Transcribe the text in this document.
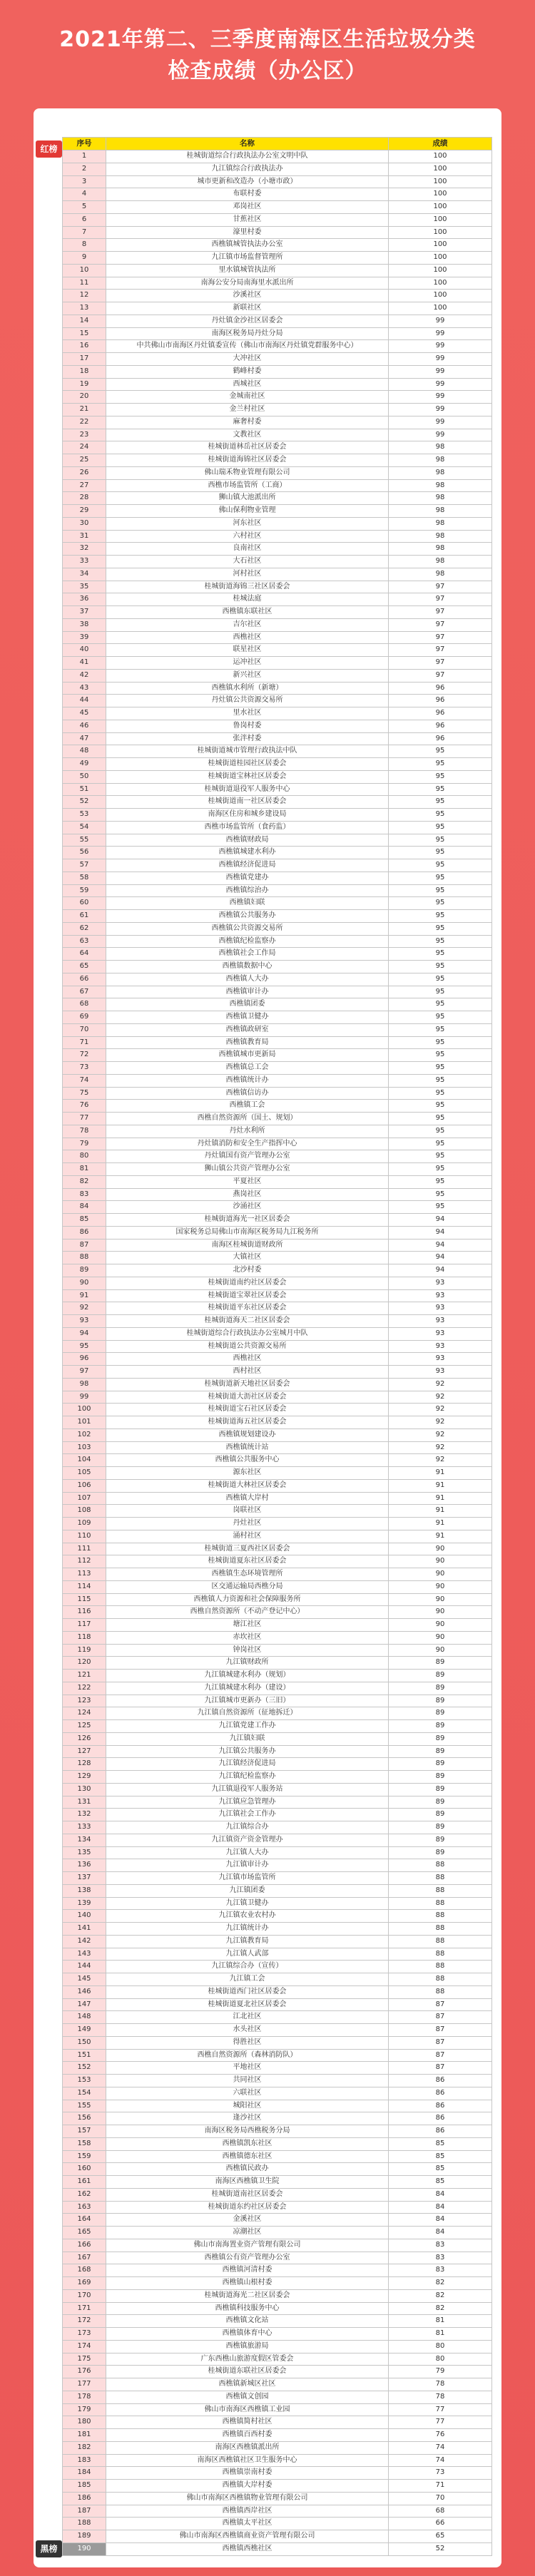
2021年第二、三季度南海区生活垃圾分类
检查成绩（办公区）
红榜
黑榜
序号	名称	成绩
1	桂城街道综合行政执法办公室文明中队	100
2	九江镇综合行政执法办	100
3	城市更新和改造办（小塘市政）	100
4	布联村委	100
5	邓岗社区	100
6	甘蕉社区	100
7	濠里村委	100
8	西樵镇城管执法办公室	100
9	九江镇市场监督管理所	100
10	里水镇城管执法所	100
11	南海公安分局南海里水派出所	100
12	沙溪社区	100
13	新联社区	100
14	丹灶镇金沙社区居委会	99
15	南海区税务局丹灶分局	99
16	中共佛山市南海区丹灶镇委宣传（佛山市南海区丹灶镇党群服务中心）	99
17	大冲社区	99
18	鹤峰村委	99
19	西城社区	99
20	金城南社区	99
21	金兰村社区	99
22	麻奢村委	99
23	文教社区	99
24	桂城街道林岳社区居委会	98
25	桂城街道海锦社区居委会	98
26	佛山瑞禾物业管理有限公司	98
27	西樵市场监管所（工商）	98
28	狮山镇大池派出所	98
29	佛山保利物业管理	98
30	河东社区	98
31	六村社区	98
32	良南社区	98
33	大石社区	98
34	河村社区	98
35	桂城街道海锦三社区居委会	97
36	桂城法庭	97
37	西樵镇东联社区	97
38	吉尔社区	97
39	西樵社区	97
40	联星社区	97
41	运冲社区	97
42	新兴社区	97
43	西樵镇水利所（新塘）	96
44	丹灶镇公共资源交易所	96
45	里水社区	96
46	鲁岗村委	96
47	张泮村委	96
48	桂城街道城市管理行政执法中队	95
49	桂城街道桂园社区居委会	95
50	桂城街道宝林社区居委会	95
51	桂城街道退役军人服务中心	95
52	桂城街道南一社区居委会	95
53	南海区住房和城乡建设局	95
54	西樵市场监管所（食药监）	95
55	西樵镇财政局	95
56	西樵镇城建水利办	95
57	西樵镇经济促进局	95
58	西樵镇党建办	95
59	西樵镇综治办	95
60	西樵镇妇联	95
61	西樵镇公共服务办	95
62	西樵镇公共资源交易所	95
63	西樵镇纪检监察办	95
64	西樵镇社会工作局	95
65	西樵镇数据中心	95
66	西樵镇人大办	95
67	西樵镇审计办	95
68	西樵镇团委	95
69	西樵镇卫健办	95
70	西樵镇政研室	95
71	西樵镇教育局	95
72	西樵镇城市更新局	95
73	西樵镇总工会	95
74	西樵镇统计办	95
75	西樵镇信访办	95
76	西樵镇工会	95
77	西樵自然资源所（国土、规划）	95
78	丹灶水利所	95
79	丹灶镇消防和安全生产指挥中心	95
80	丹灶镇国有资产管理办公室	95
81	狮山镇公共资产管理办公室	95
82	平夏社区	95
83	燕岗社区	95
84	沙涌社区	95
85	桂城街道海光一社区居委会	94
86	国家税务总局佛山市南海区税务局九江税务所	94
87	南海区桂城街道财政所	94
88	大镇社区	94
89	北沙村委	94
90	桂城街道南约社区居委会	93
91	桂城街道宝翠社区居委会	93
92	桂城街道平东社区居委会	93
93	桂城街道海天二社区居委会	93
94	桂城街道综合行政执法办公室城月中队	93
95	桂城街道公共资源交易所	93
96	西樵社区	93
97	西村社区	93
98	桂城街道新天地社区居委会	92
99	桂城街道大沥社区居委会	92
100	桂城街道宝石社区居委会	92
101	桂城街道海五社区居委会	92
102	西樵镇规划建设办	92
103	西樵镇统计站	92
104	西樵镇公共服务中心	92
105	源东社区	91
106	桂城街道大林社区居委会	91
107	西樵镇大岸村	91
108	岗联社区	91
109	丹灶社区	91
110	涌村社区	91
111	桂城街道三夏西社区居委会	90
112	桂城街道夏东社区居委会	90
113	西樵镇生态环境管理所	90
114	区交通运输局西樵分局	90
115	西樵镇人力资源和社会保障服务所	90
116	西樵自然资源所（不动产登记中心）	90
117	塘江社区	90
118	赤坎社区	90
119	钟岗社区	90
120	九江镇财政所	89
121	九江镇城建水利办（规划）	89
122	九江镇城建水利办（建设）	89
123	九江镇城市更新办（三旧）	89
124	九江镇自然资源所（征地拆迁）	89
125	九江镇党建工作办	89
126	九江镇妇联	89
127	九江镇公共服务办	89
128	九江镇经济促进局	89
129	九江镇纪检监察办	89
130	九江镇退役军人服务站	89
131	九江镇应急管理办	89
132	九江镇社会工作办	89
133	九江镇综合办	89
134	九江镇资产资金管理办	89
135	九江镇人大办	89
136	九江镇审计办	88
137	九江镇市场监管所	88
138	九江镇团委	88
139	九江镇卫健办	88
140	九江镇农业农村办	88
141	九江镇统计办	88
142	九江镇教育局	88
143	九江镇人武部	88
144	九江镇综合办（宣传）	88
145	九江镇工会	88
146	桂城街道西门社区居委会	88
147	桂城街道夏北社区居委会	87
148	江北社区	87
149	水头社区	87
150	得胜社区	87
151	西樵自然资源所（森林消防队）	87
152	平地社区	87
153	共同社区	86
154	六联社区	86
155	城阳社区	86
156	逢沙社区	86
157	南海区税务局西樵税务分局	86
158	西樵镇凯东社区	85
159	西樵镇德东社区	85
160	西樵镇民政办	85
161	南海区西樵镇卫生院	85
162	桂城街道南社区居委会	84
163	桂城街道东约社区居委会	84
164	金溪社区	84
165	凉潮社区	84
166	佛山市南海置业资产管理有限公司	83
167	西樵镇公有资产管理办公室	83
168	西樵镇河清村委	83
169	西樵镇山根村委	82
170	桂城街道海光二社区居委会	82
171	西樵镇科技服务中心	82
172	西樵镇文化站	81
173	西樵镇体育中心	81
174	西樵镇旅游局	80
175	广东西樵山旅游度假区管委会	80
176	桂城街道东联社区居委会	79
177	西樵镇新城区社区	78
178	西樵镇文创园	78
179	佛山市南海区西樵镇工业园	77
180	西樵镇简村社区	77
181	西樵镇百西村委	76
182	南海区西樵镇派出所	74
183	南海区西樵镇社区卫生服务中心	74
184	西樵镇崇南村委	73
185	西樵镇大岸村委	71
186	佛山市南海区西樵镇物业管理有限公司	70
187	西樵镇西岸社区	68
188	西樵镇太平社区	66
189	佛山市南海区西樵镇商业资产管理有限公司	65
190	西樵镇西樵社区	52
